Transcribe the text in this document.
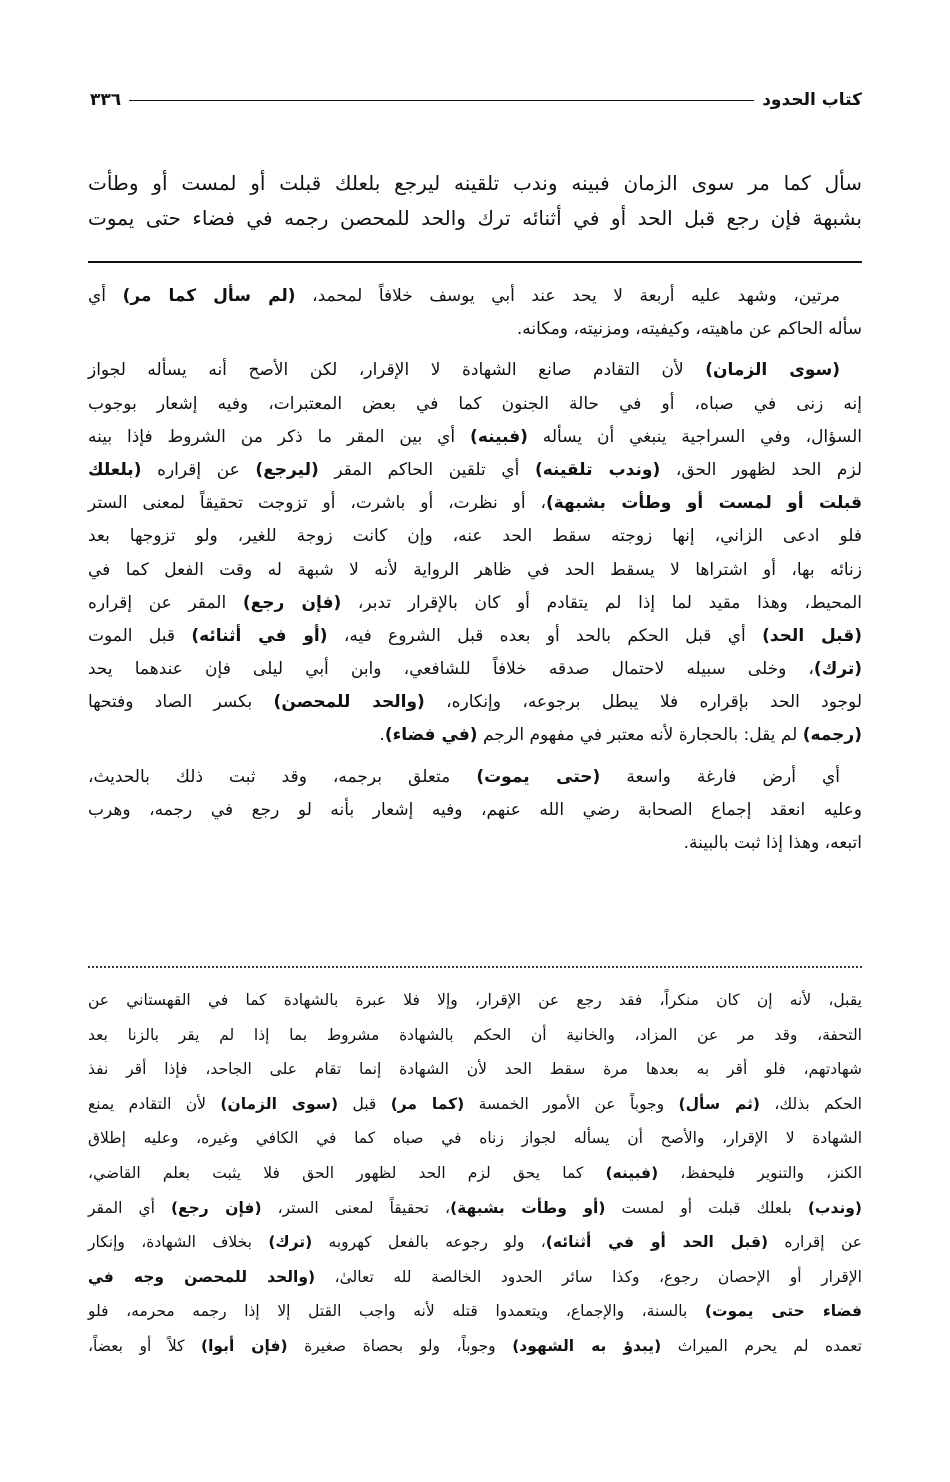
كتاب الحدود
٣٣٦
سأل كما مر سوى الزمان فبينه وندب تلقينه ليرجع بلعلك قبلت أو لمست أو وطأت
بشبهة فإن رجع قبل الحد أو في أثنائه ترك والحد للمحصن رجمه في فضاء حتى يموت
مرتين، وشهد عليه أربعة لا يحد عند أبي يوسف خلافاً لمحمد، (لم سأل كما مر) أي
سأله الحاكم عن ماهيته، وكيفيته، ومزنيته، ومكانه.
(سوى الزمان) لأن التقادم صانع الشهادة لا الإقرار، لكن الأصح أنه يسأله لجواز
إنه زنى في صباه، أو في حالة الجنون كما في بعض المعتبرات، وفيه إشعار بوجوب
السؤال، وفي السراجية ينبغي أن يسأله (فبينه) أي بين المقر ما ذكر من الشروط فإذا بينه
لزم الحد لظهور الحق، (وندب تلقينه) أي تلقين الحاكم المقر (ليرجع) عن إقراره (بلعلك
قبلت أو لمست أو وطأت بشبهة)، أو نظرت، أو باشرت، أو تزوجت تحقيقاً لمعنى الستر
فلو ادعى الزاني، إنها زوجته سقط الحد عنه، وإن كانت زوجة للغير، ولو تزوجها بعد
زنائه بها، أو اشتراها لا يسقط الحد في ظاهر الرواية لأنه لا شبهة له وقت الفعل كما في
المحيط، وهذا مقيد لما إذا لم يتقادم أو كان بالإقرار تدبر، (فإن رجع) المقر عن إقراره
(قبل الحد) أي قبل الحكم بالحد أو بعده قبل الشروع فيه، (أو في أثنائه) قبل الموت
(ترك)، وخلى سبيله لاحتمال صدقه خلافاً للشافعي، وابن أبي ليلى فإن عندهما يحد
لوجود الحد بإقراره فلا يبطل برجوعه، وإنكاره، (والحد للمحصن) بكسر الصاد وفتحها
(رجمه) لم يقل: بالحجارة لأنه معتبر في مفهوم الرجم (في فضاء).
أي أرض فارغة واسعة (حتى يموت) متعلق برجمه، وقد ثبت ذلك بالحديث،
وعليه انعقد إجماع الصحابة رضي الله عنهم، وفيه إشعار بأنه لو رجع في رجمه، وهرب
اتبعه، وهذا إذا ثبت بالبينة.
يقبل، لأنه إن كان منكراً، فقد رجع عن الإقرار، وإلا فلا عبرة بالشهادة كما في القهستاني عن
التحفة، وقد مر عن المزاد، والخانية أن الحكم بالشهادة مشروط بما إذا لم يقر بالزنا بعد
شهادتهم، فلو أقر به بعدها مرة سقط الحد لأن الشهادة إنما تقام على الجاحد، فإذا أقر نفذ
الحكم بذلك، (ثم سأل) وجوباً عن الأمور الخمسة (كما مر) قبل (سوى الزمان) لأن التقادم يمنع
الشهادة لا الإقرار، والأصح أن يسأله لجواز زناه في صباه كما في الكافي وغيره، وعليه إطلاق
الكنز، والتنوير فليحفظ، (فبينه) كما يحق لزم الحد لظهور الحق فلا يثبت بعلم القاضي،
(وندب) بلعلك قبلت أو لمست (أو وطأت بشبهة)، تحقيقاً لمعنى الستر، (فإن رجع) أي المقر
عن إقراره (قبل الحد أو في أثنائه)، ولو رجوعه بالفعل كهروبه (ترك) بخلاف الشهادة، وإنكار
الإقرار أو الإحصان رجوع، وكذا سائر الحدود الخالصة لله تعالىٰ، (والحد للمحصن وجه في
فضاء حتى يموت) بالسنة، والإجماع، ويتعمدوا قتله لأنه واجب القتل إلا إذا رجمه محرمه، فلو
تعمده لم يحرم الميراث (يبدؤ به الشهود) وجوباً، ولو بحصاة صغيرة (فإن أبوا) كلاً أو بعضاً،
